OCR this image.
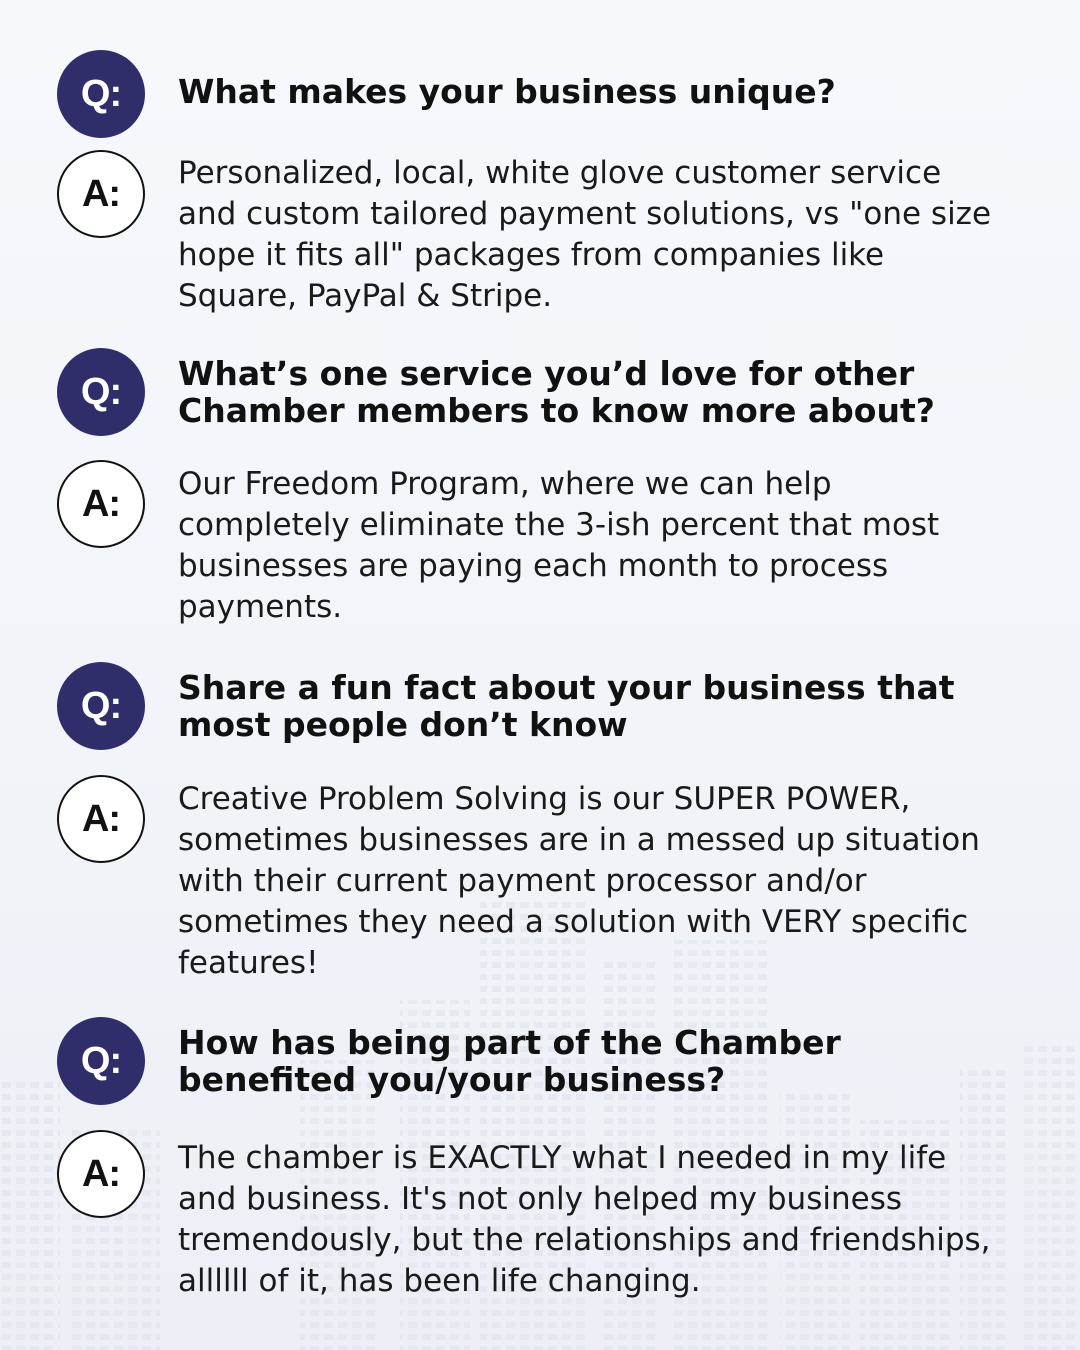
Q:	What makes your business unique?

A:	Personalized, local, white glove customer service and custom tailored payment solutions, vs "one size hope it fits all" packages from companies like Square, PayPal & Stripe.

Q:	What’s one service you’d love for other Chamber members to know more about?

A:	Our Freedom Program, where we can help completely eliminate the 3-ish percent that most businesses are paying each month to process payments.

Q:	Share a fun fact about your business that most people don’t know

A:	Creative Problem Solving is our SUPER POWER, sometimes businesses are in a messed up situation with their current payment processor and/or sometimes they need a solution with VERY specific features!

Q:	How has being part of the Chamber benefited you/your business?

A:	The chamber is EXACTLY what I needed in my life and business. It's not only helped my business tremendously, but the relationships and friendships, allllll of it, has been life changing.
